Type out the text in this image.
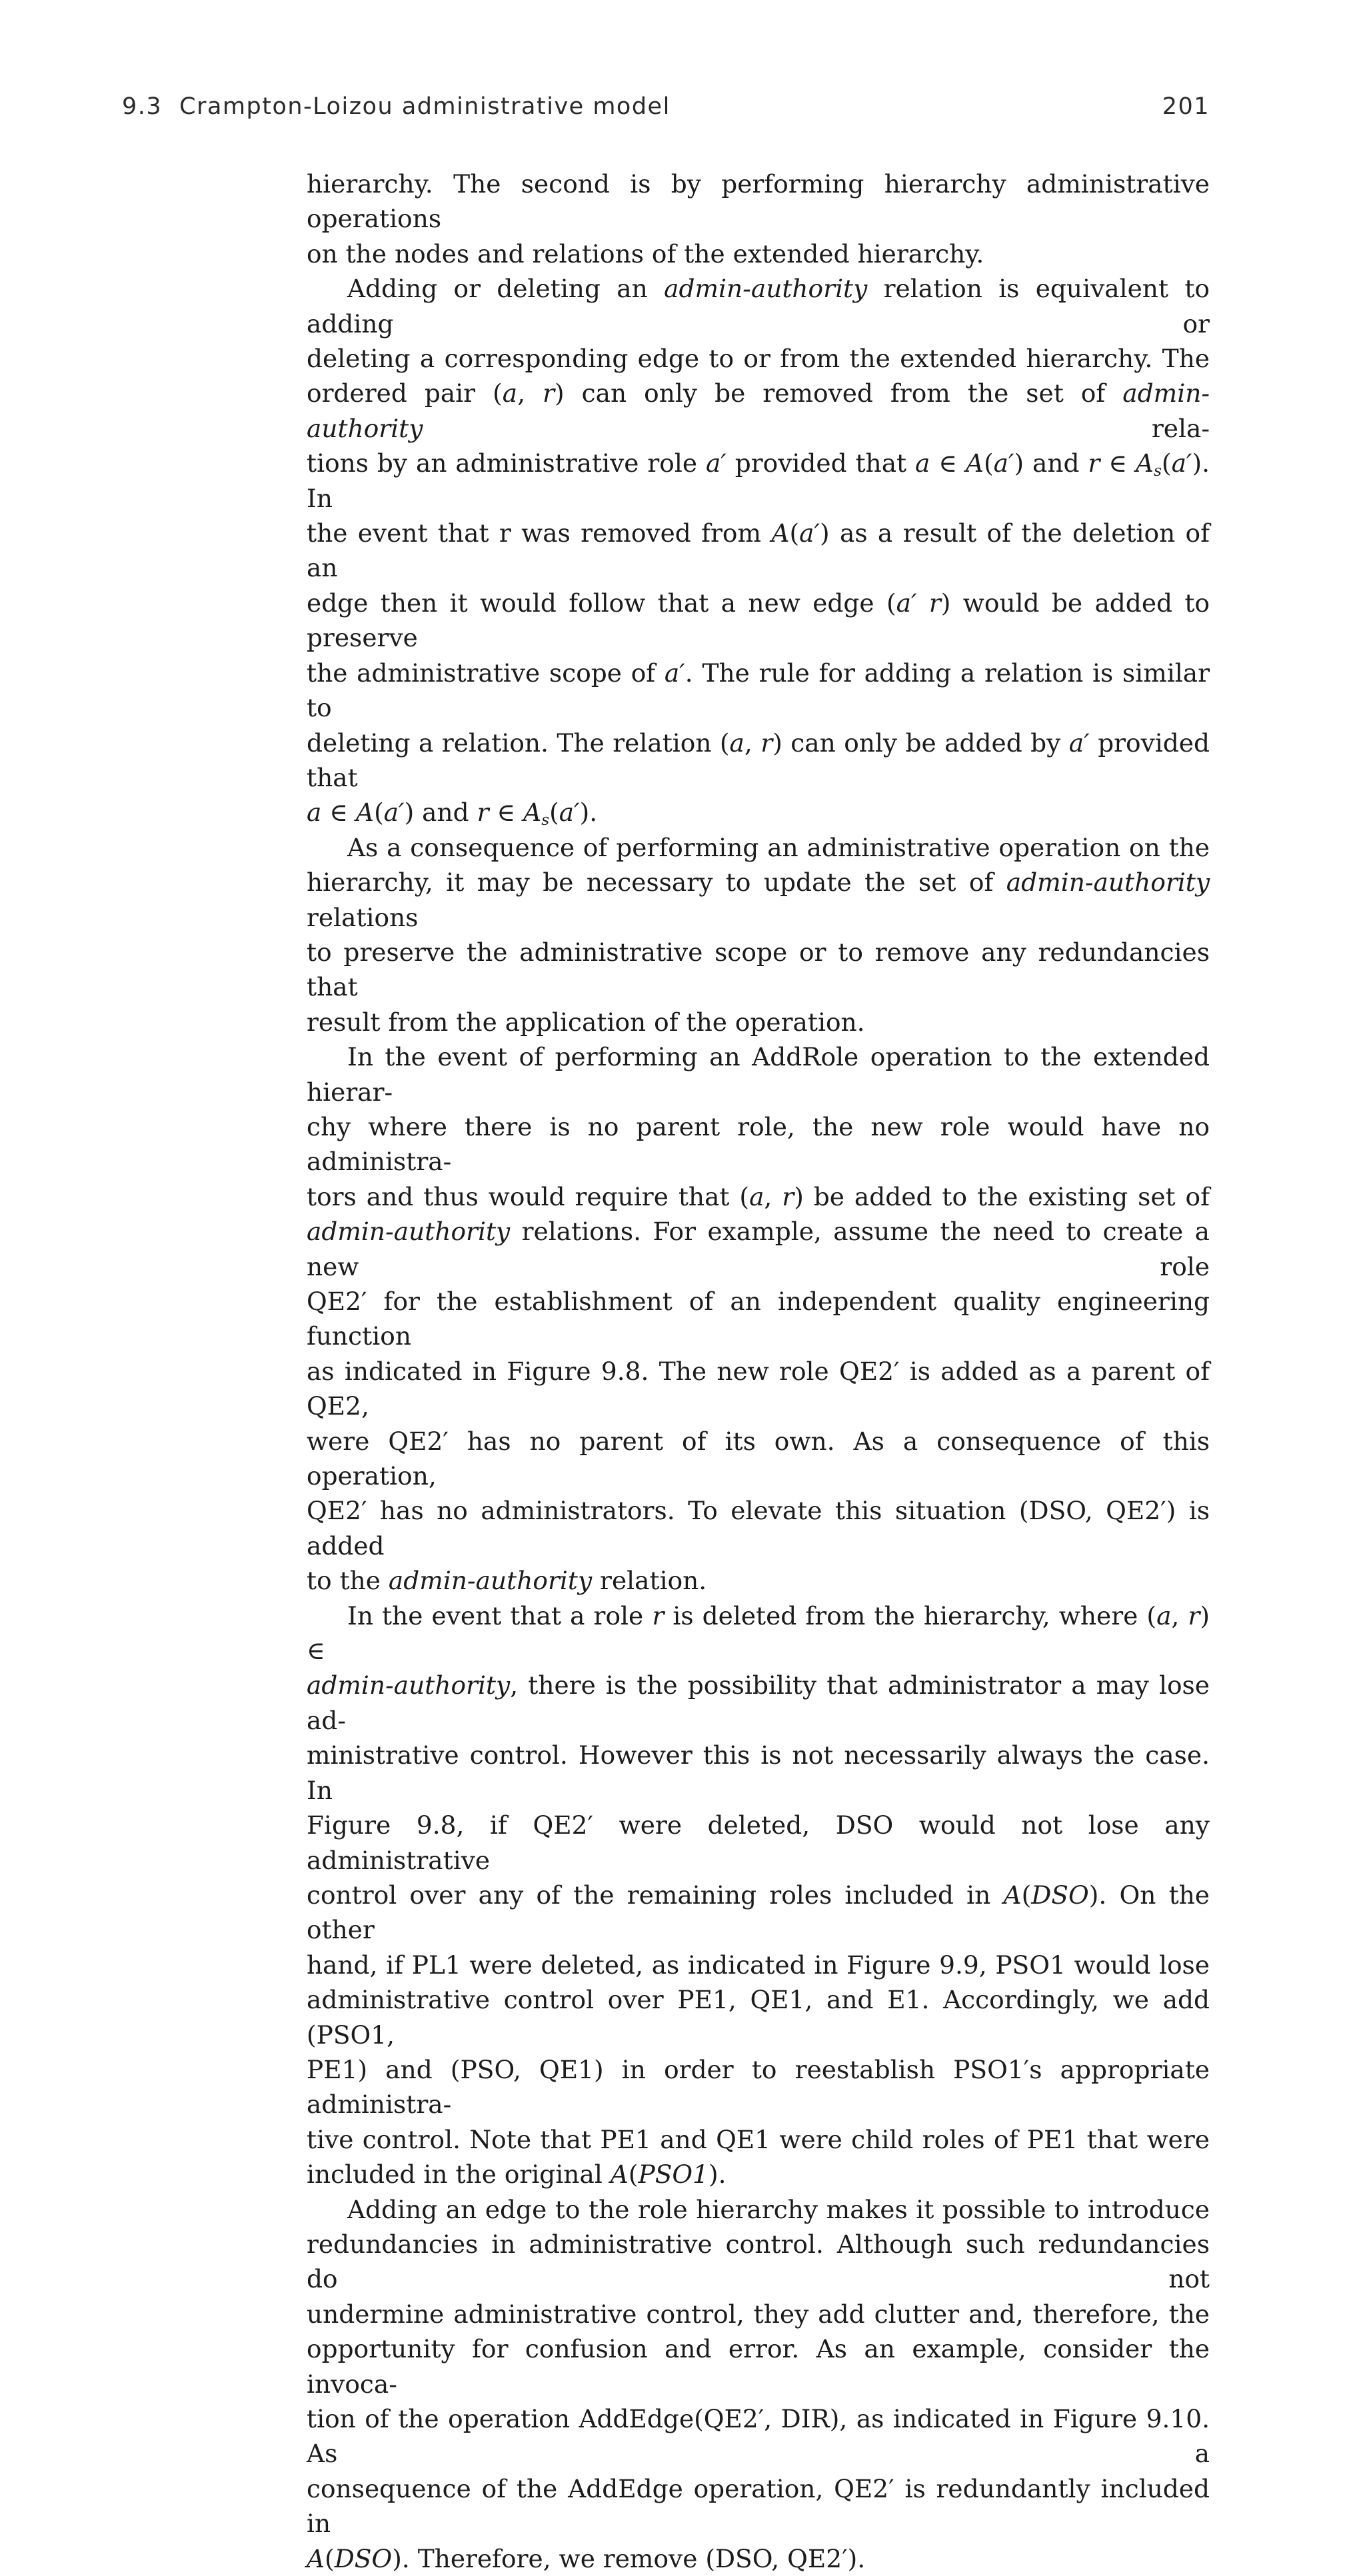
9.3 Crampton-Loizou administrative model	201
hierarchy. The second is by performing hierarchy administrative operations
on the nodes and relations of the extended hierarchy.
Adding or deleting an admin-authority relation is equivalent to adding or
deleting a corresponding edge to or from the extended hierarchy. The
ordered pair (a, r) can only be removed from the set of admin-authority rela-
tions by an administrative role a′ provided that a ∈ A(a′) and r ∈ $A_s(a')$. In
the event that r was removed from A(a′) as a result of the deletion of an
edge then it would follow that a new edge (a′ r) would be added to preserve
the administrative scope of a′. The rule for adding a relation is similar to
deleting a relation. The relation (a, r) can only be added by a′ provided that
a ∈ A(a′) and r ∈ $A_s(a')$.
As a consequence of performing an administrative operation on the
hierarchy, it may be necessary to update the set of admin-authority relations
to preserve the administrative scope or to remove any redundancies that
result from the application of the operation.
In the event of performing an AddRole operation to the extended hierar-
chy where there is no parent role, the new role would have no administra-
tors and thus would require that (a, r) be added to the existing set of
admin-authority relations. For example, assume the need to create a new role
QE2′ for the establishment of an independent quality engineering function
as indicated in Figure 9.8. The new role QE2′ is added as a parent of QE2,
were QE2′ has no parent of its own. As a consequence of this operation,
QE2′ has no administrators. To elevate this situation (DSO, QE2′) is added
to the admin-authority relation.
In the event that a role r is deleted from the hierarchy, where (a, r) ∈
admin-authority, there is the possibility that administrator a may lose ad-
ministrative control. However this is not necessarily always the case. In
Figure 9.8, if QE2′ were deleted, DSO would not lose any administrative
control over any of the remaining roles included in A(DSO). On the other
hand, if PL1 were deleted, as indicated in Figure 9.9, PSO1 would lose
administrative control over PE1, QE1, and E1. Accordingly, we add (PSO1,
PE1) and (PSO, QE1) in order to reestablish PSO1′s appropriate administra-
tive control. Note that PE1 and QE1 were child roles of PE1 that were
included in the original A(PSO1).
Adding an edge to the role hierarchy makes it possible to introduce
redundancies in administrative control. Although such redundancies do not
undermine administrative control, they add clutter and, therefore, the
opportunity for confusion and error. As an example, consider the invoca-
tion of the operation AddEdge(QE2′, DIR), as indicated in Figure 9.10. As a
consequence of the AddEdge operation, QE2′ is redundantly included in
A(DSO). Therefore, we remove (DSO, QE2′).
